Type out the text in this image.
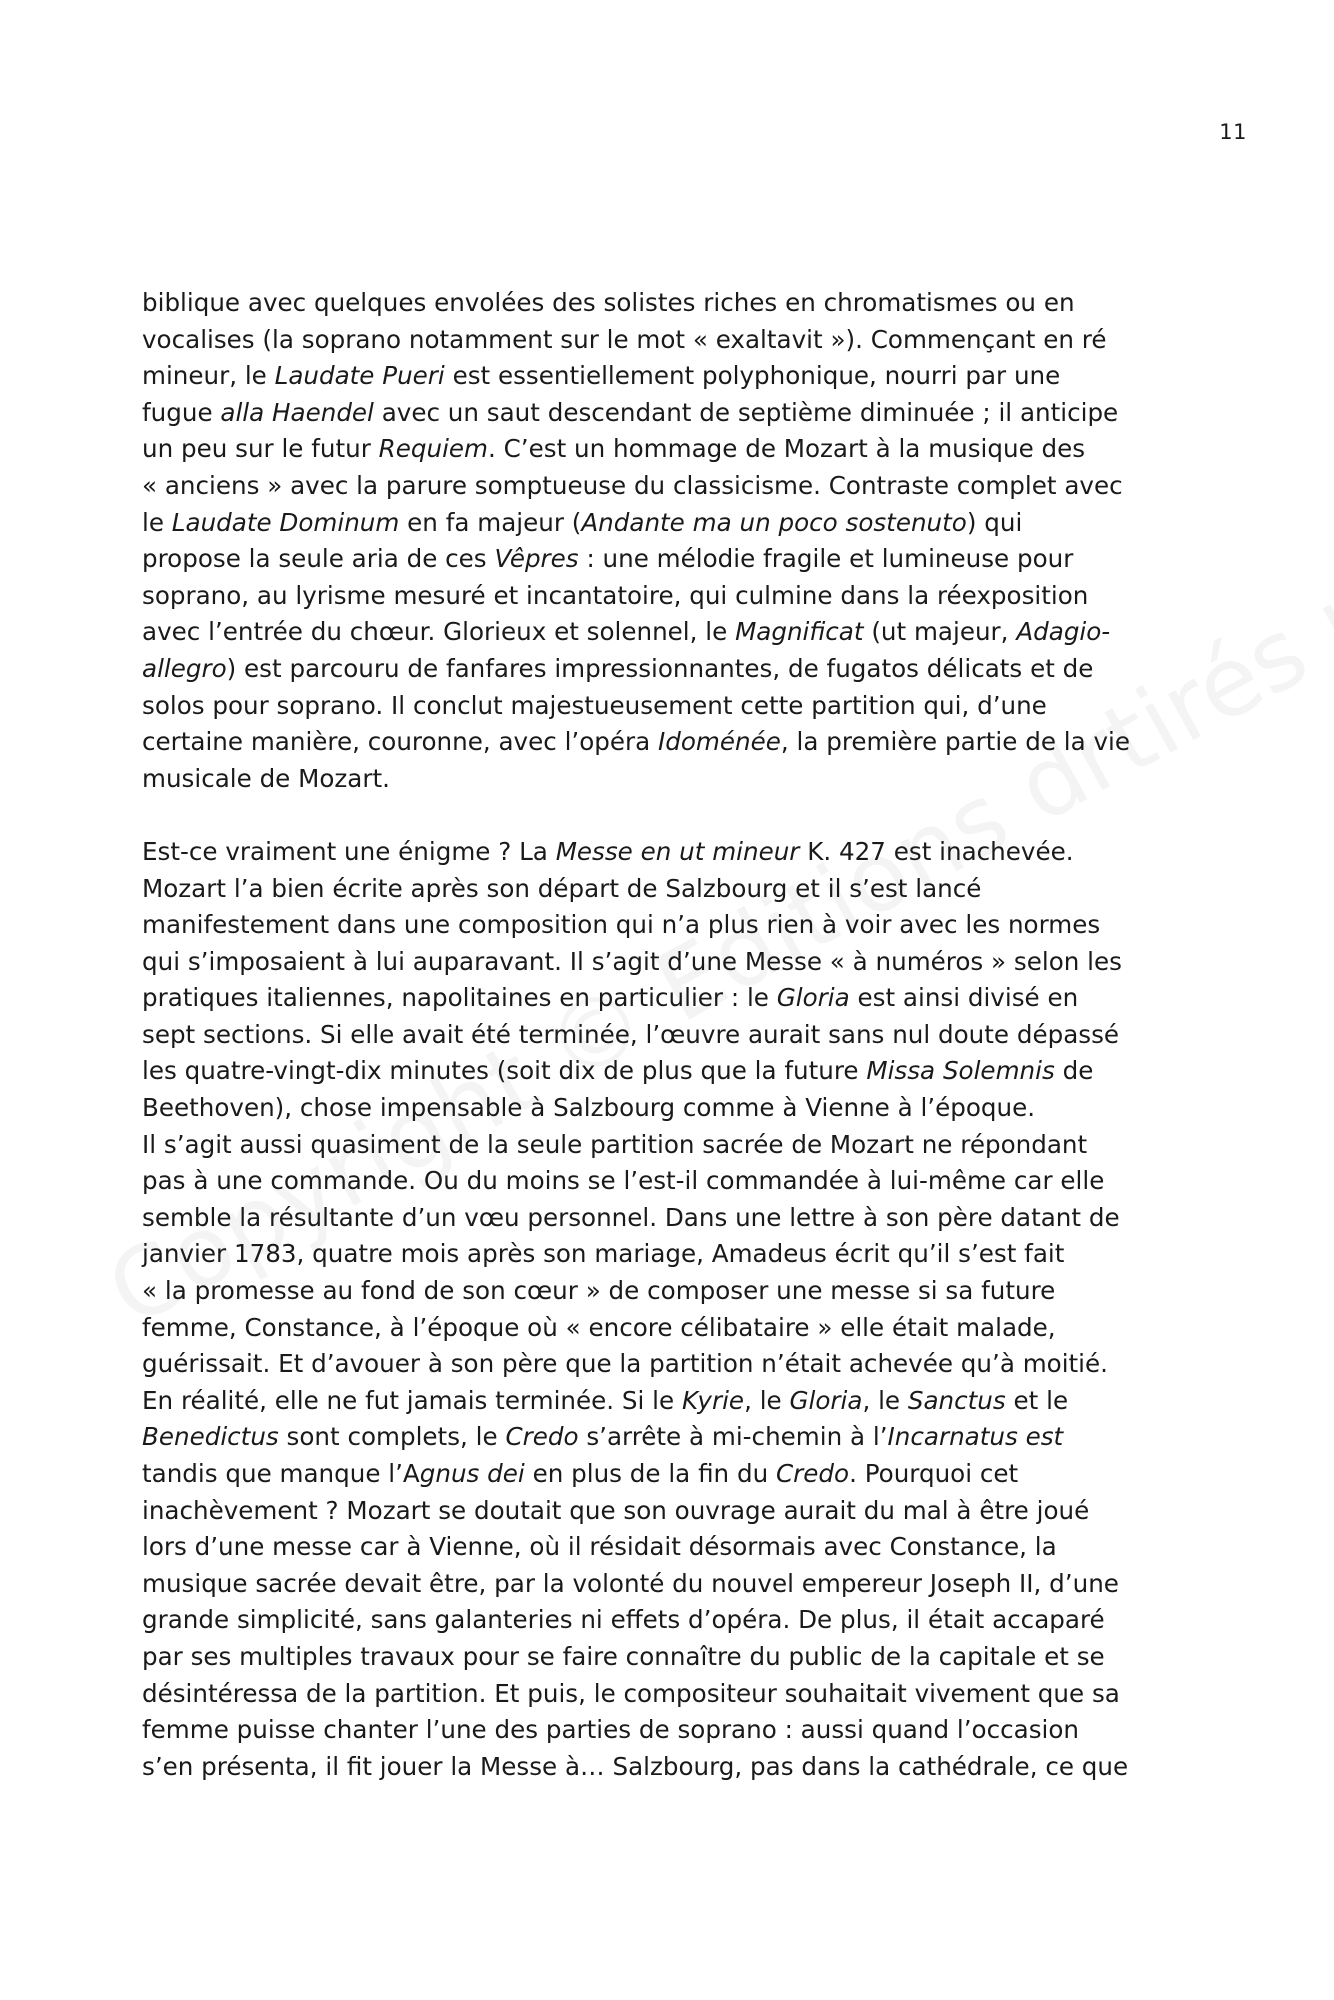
11
biblique avec quelques envolées des solistes riches en chromatismes ou en
vocalises (la soprano notamment sur le mot « exaltavit »). Commençant en ré
mineur, le Laudate Pueri est essentiellement polyphonique, nourri par une
fugue alla Haendel avec un saut descendant de septième diminuée ; il anticipe
un peu sur le futur Requiem. C’est un hommage de Mozart à la musique des
« anciens » avec la parure somptueuse du classicisme. Contraste complet avec
le Laudate Dominum en fa majeur (Andante ma un poco sostenuto) qui
propose la seule aria de ces Vêpres : une mélodie fragile et lumineuse pour
soprano, au lyrisme mesuré et incantatoire, qui culmine dans la réexposition
avec l’entrée du chœur. Glorieux et solennel, le Magnificat (ut majeur, Adagio-
allegro) est parcouru de fanfares impressionnantes, de fugatos délicats et de
solos pour soprano. Il conclut majestueusement cette partition qui, d’une
certaine manière, couronne, avec l’opéra Idoménée, la première partie de la vie
musicale de Mozart.
Est-ce vraiment une énigme ? La Messe en ut mineur K. 427 est inachevée.
Mozart l’a bien écrite après son départ de Salzbourg et il s’est lancé
manifestement dans une composition qui n’a plus rien à voir avec les normes
qui s’imposaient à lui auparavant. Il s’agit d’une Messe « à numéros » selon les
pratiques italiennes, napolitaines en particulier : le Gloria est ainsi divisé en
sept sections. Si elle avait été terminée, l’œuvre aurait sans nul doute dépassé
les quatre-vingt-dix minutes (soit dix de plus que la future Missa Solemnis de
Beethoven), chose impensable à Salzbourg comme à Vienne à l’époque.
Il s’agit aussi quasiment de la seule partition sacrée de Mozart ne répondant
pas à une commande. Ou du moins se l’est-il commandée à lui-même car elle
semble la résultante d’un vœu personnel. Dans une lettre à son père datant de
janvier 1783, quatre mois après son mariage, Amadeus écrit qu’il s’est fait
« la promesse au fond de son cœur » de composer une messe si sa future
femme, Constance, à l’époque où « encore célibataire » elle était malade,
guérissait. Et d’avouer à son père que la partition n’était achevée qu’à moitié.
En réalité, elle ne fut jamais terminée. Si le Kyrie, le Gloria, le Sanctus et le
Benedictus sont complets, le Credo s’arrête à mi-chemin à l’Incarnatus est
tandis que manque l’Agnus dei en plus de la fin du Credo. Pourquoi cet
inachèvement ? Mozart se doutait que son ouvrage aurait du mal à être joué
lors d’une messe car à Vienne, où il résidait désormais avec Constance, la
musique sacrée devait être, par la volonté du nouvel empereur Joseph II, d’une
grande simplicité, sans galanteries ni effets d’opéra. De plus, il était accaparé
par ses multiples travaux pour se faire connaître du public de la capitale et se
désintéressa de la partition. Et puis, le compositeur souhaitait vivement que sa
femme puisse chanter l’une des parties de soprano : aussi quand l’occasion
s’en présenta, il fit jouer la Messe à… Salzbourg, pas dans la cathédrale, ce que
